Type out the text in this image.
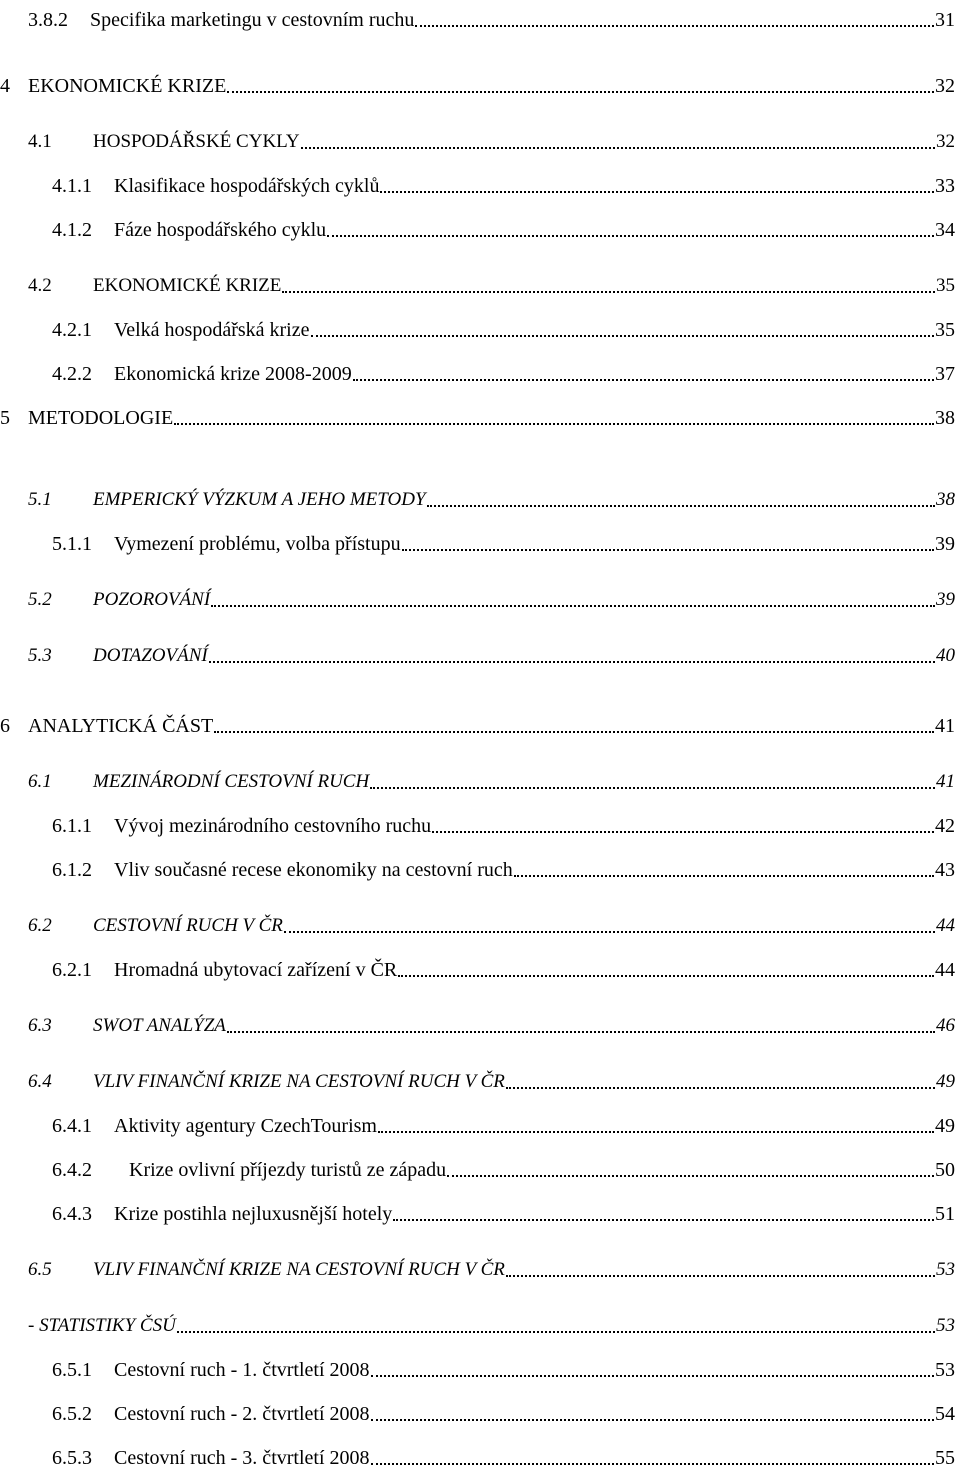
3.8.2	Specifika marketingu v cestovním ruchu	31
4 EKONOMICKÉ KRIZE	32
4.1	HOSPODÁŘSKÉ CYKLY	32
4.1.1	Klasifikace hospodářských cyklů	33
4.1.2	Fáze hospodářského cyklu	34
4.2	EKONOMICKÉ KRIZE	35
4.2.1	Velká hospodářská krize	35
4.2.2	Ekonomická krize 2008-2009	37
5 METODOLOGIE	38
5.1	EMPERICKÝ VÝZKUM A JEHO METODY	38
5.1.1	Vymezení problému, volba přístupu	39
5.2	POZOROVÁNÍ	39
5.3	DOTAZOVÁNÍ	40
6 ANALYTICKÁ ČÁST	41
6.1	MEZINÁRODNÍ CESTOVNÍ RUCH	41
6.1.1	Vývoj mezinárodního cestovního ruchu	42
6.1.2	Vliv současné recese ekonomiky na cestovní ruch	43
6.2	CESTOVNÍ RUCH V ČR	44
6.2.1	Hromadná ubytovací zařízení v ČR	44
6.3	SWOT ANALÝZA	46
6.4	VLIV FINANČNÍ KRIZE NA CESTOVNÍ RUCH V ČR	49
6.4.1	Aktivity agentury CzechTourism	49
6.4.2	Krize ovlivní příjezdy turistů ze západu	50
6.4.3	Krize postihla nejluxusnější hotely	51
6.5	VLIV FINANČNÍ KRIZE NA CESTOVNÍ RUCH V ČR	53
- STATISTIKY ČSÚ	53
6.5.1	Cestovní ruch - 1. čtvrtletí 2008	53
6.5.2	Cestovní ruch - 2. čtvrtletí 2008	54
6.5.3	Cestovní ruch - 3. čtvrtletí 2008	55
